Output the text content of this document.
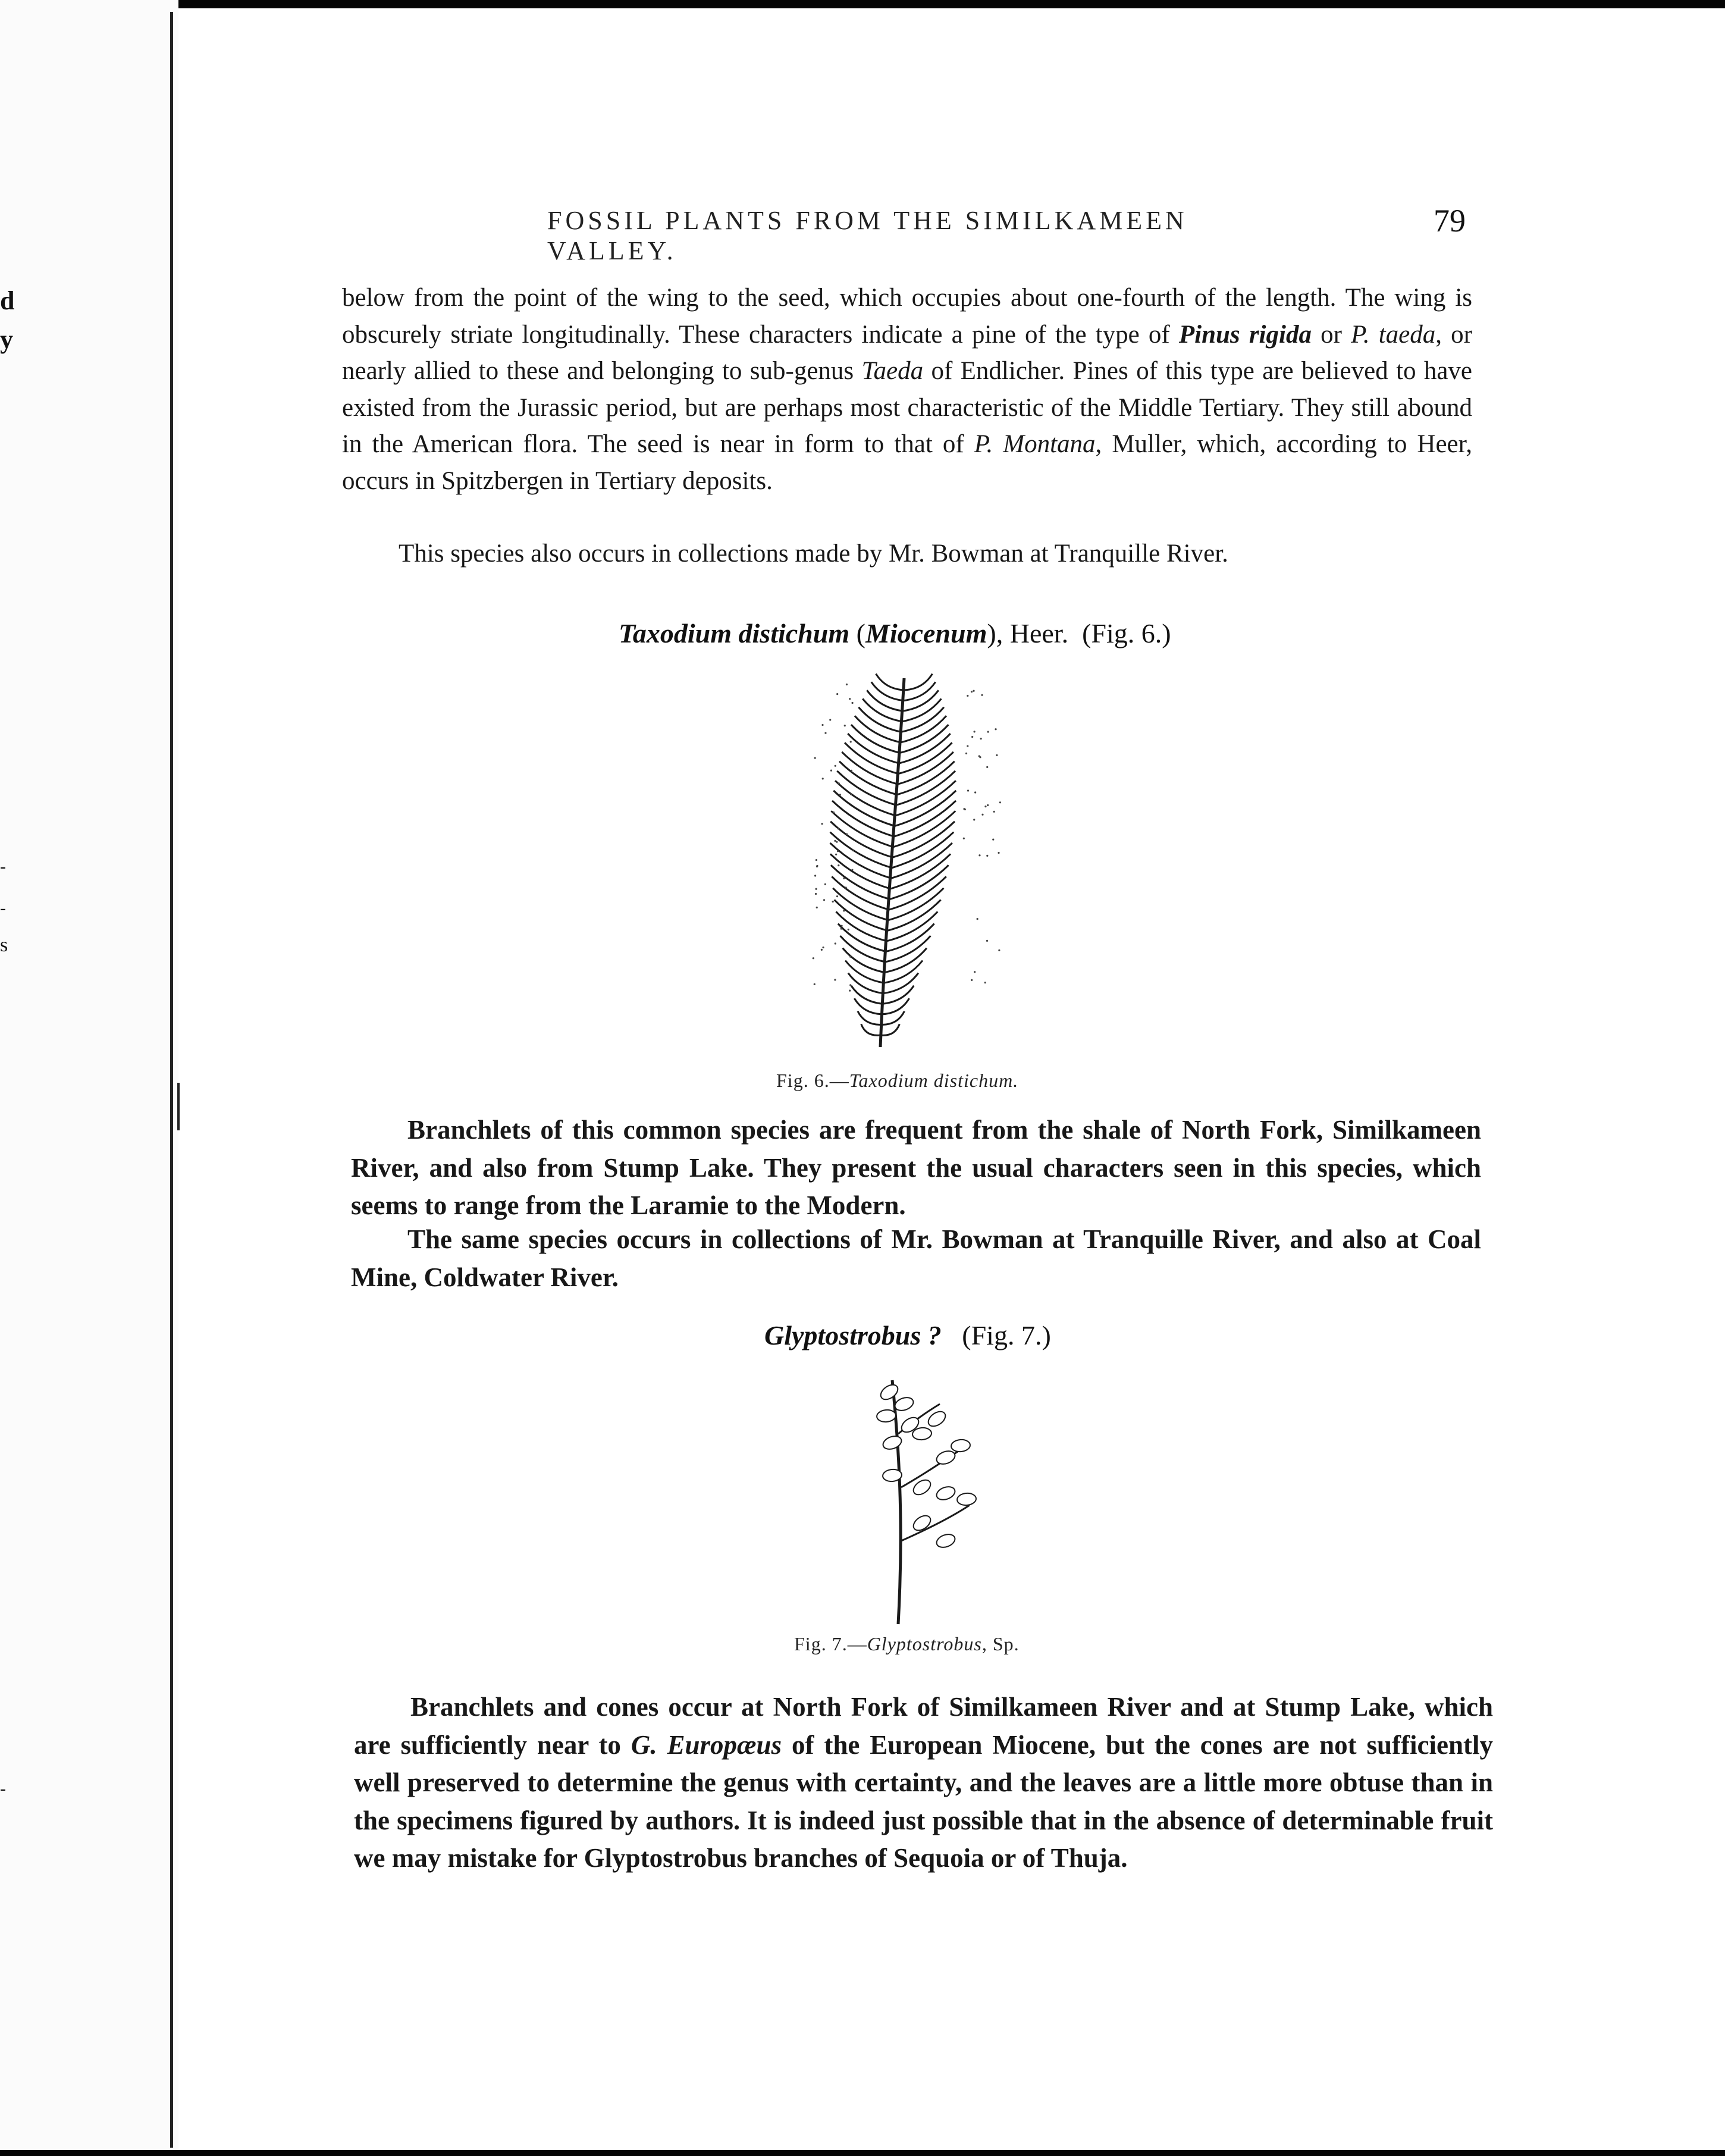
d
y
-
-
s
-
FOSSIL PLANTS FROM THE SIMILKAMEEN VALLEY.
79

below from the point of the wing to the seed, which occupies about one-fourth of the length. The wing is obscurely striate longitudinally. These characters indicate a pine of the type of Pinus rigida or P. taeda, or nearly allied to these and belonging to sub-genus Taeda of Endlicher. Pines of this type are believed to have existed from the Jurassic period, but are perhaps most characteristic of the Middle Tertiary. They still abound in the American flora. The seed is near in form to that of P. Montana, Muller, which, according to Heer, occurs in Spitzbergen in Tertiary deposits.

This species also occurs in collections made by Mr. Bowman at Tranquille River.

Taxodium distichum (Miocenum), Heer. (Fig. 6.)
Fig. 6.—Taxodium distichum.

Branchlets of this common species are frequent from the shale of North Fork, Similkameen River, and also from Stump Lake. They present the usual characters seen in this species, which seems to range from the Laramie to the Modern.

The same species occurs in collections of Mr. Bowman at Tranquille River, and also at Coal Mine, Coldwater River.

Glyptostrobus ? (Fig. 7.)
Fig. 7.—Glyptostrobus, Sp.

Branchlets and cones occur at North Fork of Similkameen River and at Stump Lake, which are sufficiently near to G. Europæus of the European Miocene, but the cones are not sufficiently well preserved to determine the genus with certainty, and the leaves are a little more obtuse than in the specimens figured by authors. It is indeed just possible that in the absence of determinable fruit we may mistake for Glyptostrobus branches of Sequoia or of Thuja.
